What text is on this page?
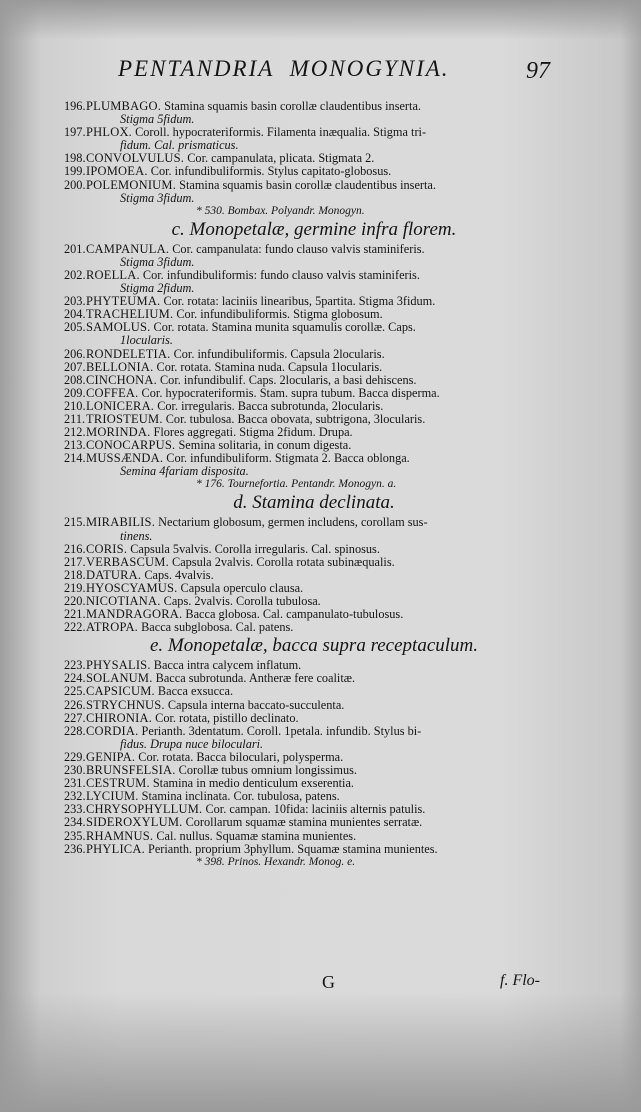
PENTANDRIA MONOGYNIA.	97
196. PLUMBAGO. Stamina squamis basin corollæ claudentibus inserta.
Stigma 5fidum.
197. PHLOX. Coroll. hypocrateriformis. Filamenta inæqualia. Stigma tri-
fidum. Cal. prismaticus.
198. CONVOLVULUS. Cor. campanulata, plicata. Stigmata 2.
199. IPOMOEA. Cor. infundibuliformis. Stylus capitato-globosus.
200. POLEMONIUM. Stamina squamis basin corollæ claudentibus inserta.
Stigma 3fidum.
* 530. Bombax. Polyandr. Monogyn.
c. Monopetalæ, germine infra florem.
201. CAMPANULA. Cor. campanulata: fundo clauso valvis staminiferis.
Stigma 3fidum.
202. ROELLA. Cor. infundibuliformis: fundo clauso valvis staminiferis.
Stigma 2fidum.
203. PHYTEUMA. Cor. rotata: laciniis linearibus, 5partita. Stigma 3fidum.
204. TRACHELIUM. Cor. infundibuliformis. Stigma globosum.
205. SAMOLUS. Cor. rotata. Stamina munita squamulis corollæ. Caps.
1locularis.
206. RONDELETIA. Cor. infundibuliformis. Capsula 2locularis.
207. BELLONIA. Cor. rotata. Stamina nuda. Capsula 1locularis.
208. CINCHONA. Cor. infundibulif. Caps. 2locularis, a basi dehiscens.
209. COFFEA. Cor. hypocrateriformis. Stam. supra tubum. Bacca disperma.
210. LONICERA. Cor. irregularis. Bacca subrotunda, 2locularis.
211. TRIOSTEUM. Cor. tubulosa. Bacca obovata, subtrigona, 3locularis.
212. MORINDA. Flores aggregati. Stigma 2fidum. Drupa.
213. CONOCARPUS. Semina solitaria, in conum digesta.
214. MUSSÆNDA. Cor. infundibuliform. Stigmata 2. Bacca oblonga.
Semina 4fariam disposita.
* 176. Tournefortia. Pentandr. Monogyn. a.
d. Stamina declinata.
215. MIRABILIS. Nectarium globosum, germen includens, corollam sus-
tinens.
216. CORIS. Capsula 5valvis. Corolla irregularis. Cal. spinosus.
217. VERBASCUM. Capsula 2valvis. Corolla rotata subinæqualis.
218. DATURA. Caps. 4valvis.
219. HYOSCYAMUS. Capsula operculo clausa.
220. NICOTIANA. Caps. 2valvis. Corolla tubulosa.
221. MANDRAGORA. Bacca globosa. Cal. campanulato-tubulosus.
222. ATROPA. Bacca subglobosa. Cal. patens.
e. Monopetalæ, bacca supra receptaculum.
223. PHYSALIS. Bacca intra calycem inflatum.
224. SOLANUM. Bacca subrotunda. Antheræ fere coalitæ.
225. CAPSICUM. Bacca exsucca.
226. STRYCHNUS. Capsula interna baccato-succulenta.
227. CHIRONIA. Cor. rotata, pistillo declinato.
228. CORDIA. Perianth. 3dentatum. Coroll. 1petala. infundib. Stylus bi-
fidus. Drupa nuce biloculari.
229. GENIPA. Cor. rotata. Bacca biloculari, polysperma.
230. BRUNSFELSIA. Corollæ tubus omnium longissimus.
231. CESTRUM. Stamina in medio denticulum exserentia.
232. LYCIUM. Stamina inclinata. Cor. tubulosa, patens.
233. CHRYSOPHYLLUM. Cor. campan. 10fida: laciniis alternis patulis.
234. SIDEROXYLUM. Corollarum squamæ stamina munientes serratæ.
235. RHAMNUS. Cal. nullus. Squamæ stamina munientes.
236. PHYLICA. Perianth. proprium 3phyllum. Squamæ stamina munientes.
* 398. Prinos. Hexandr. Monog. e.
G	f. Flo-
